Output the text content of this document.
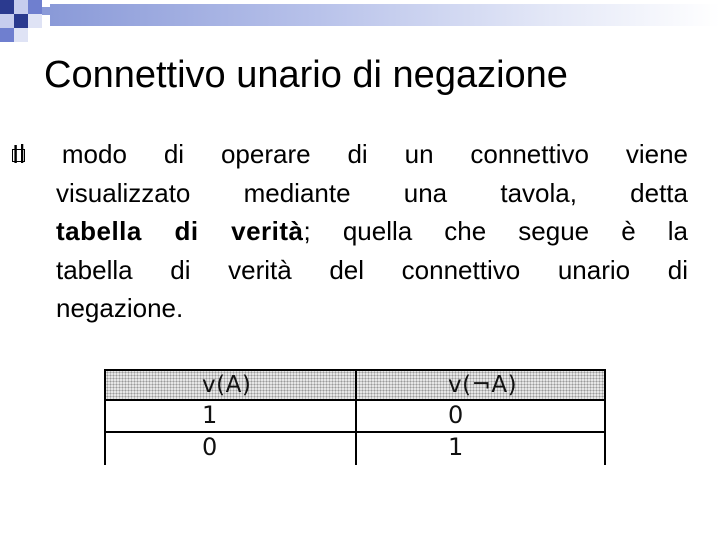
Connettivo unario di negazione
Il modo di operare di un connettivo viene
visualizzato mediante una tavola, detta
tabella di verità; quella che segue è la
tabella di verità del connettivo unario di
negazione.
v(A)	v(¬A)
1	0
0	1
